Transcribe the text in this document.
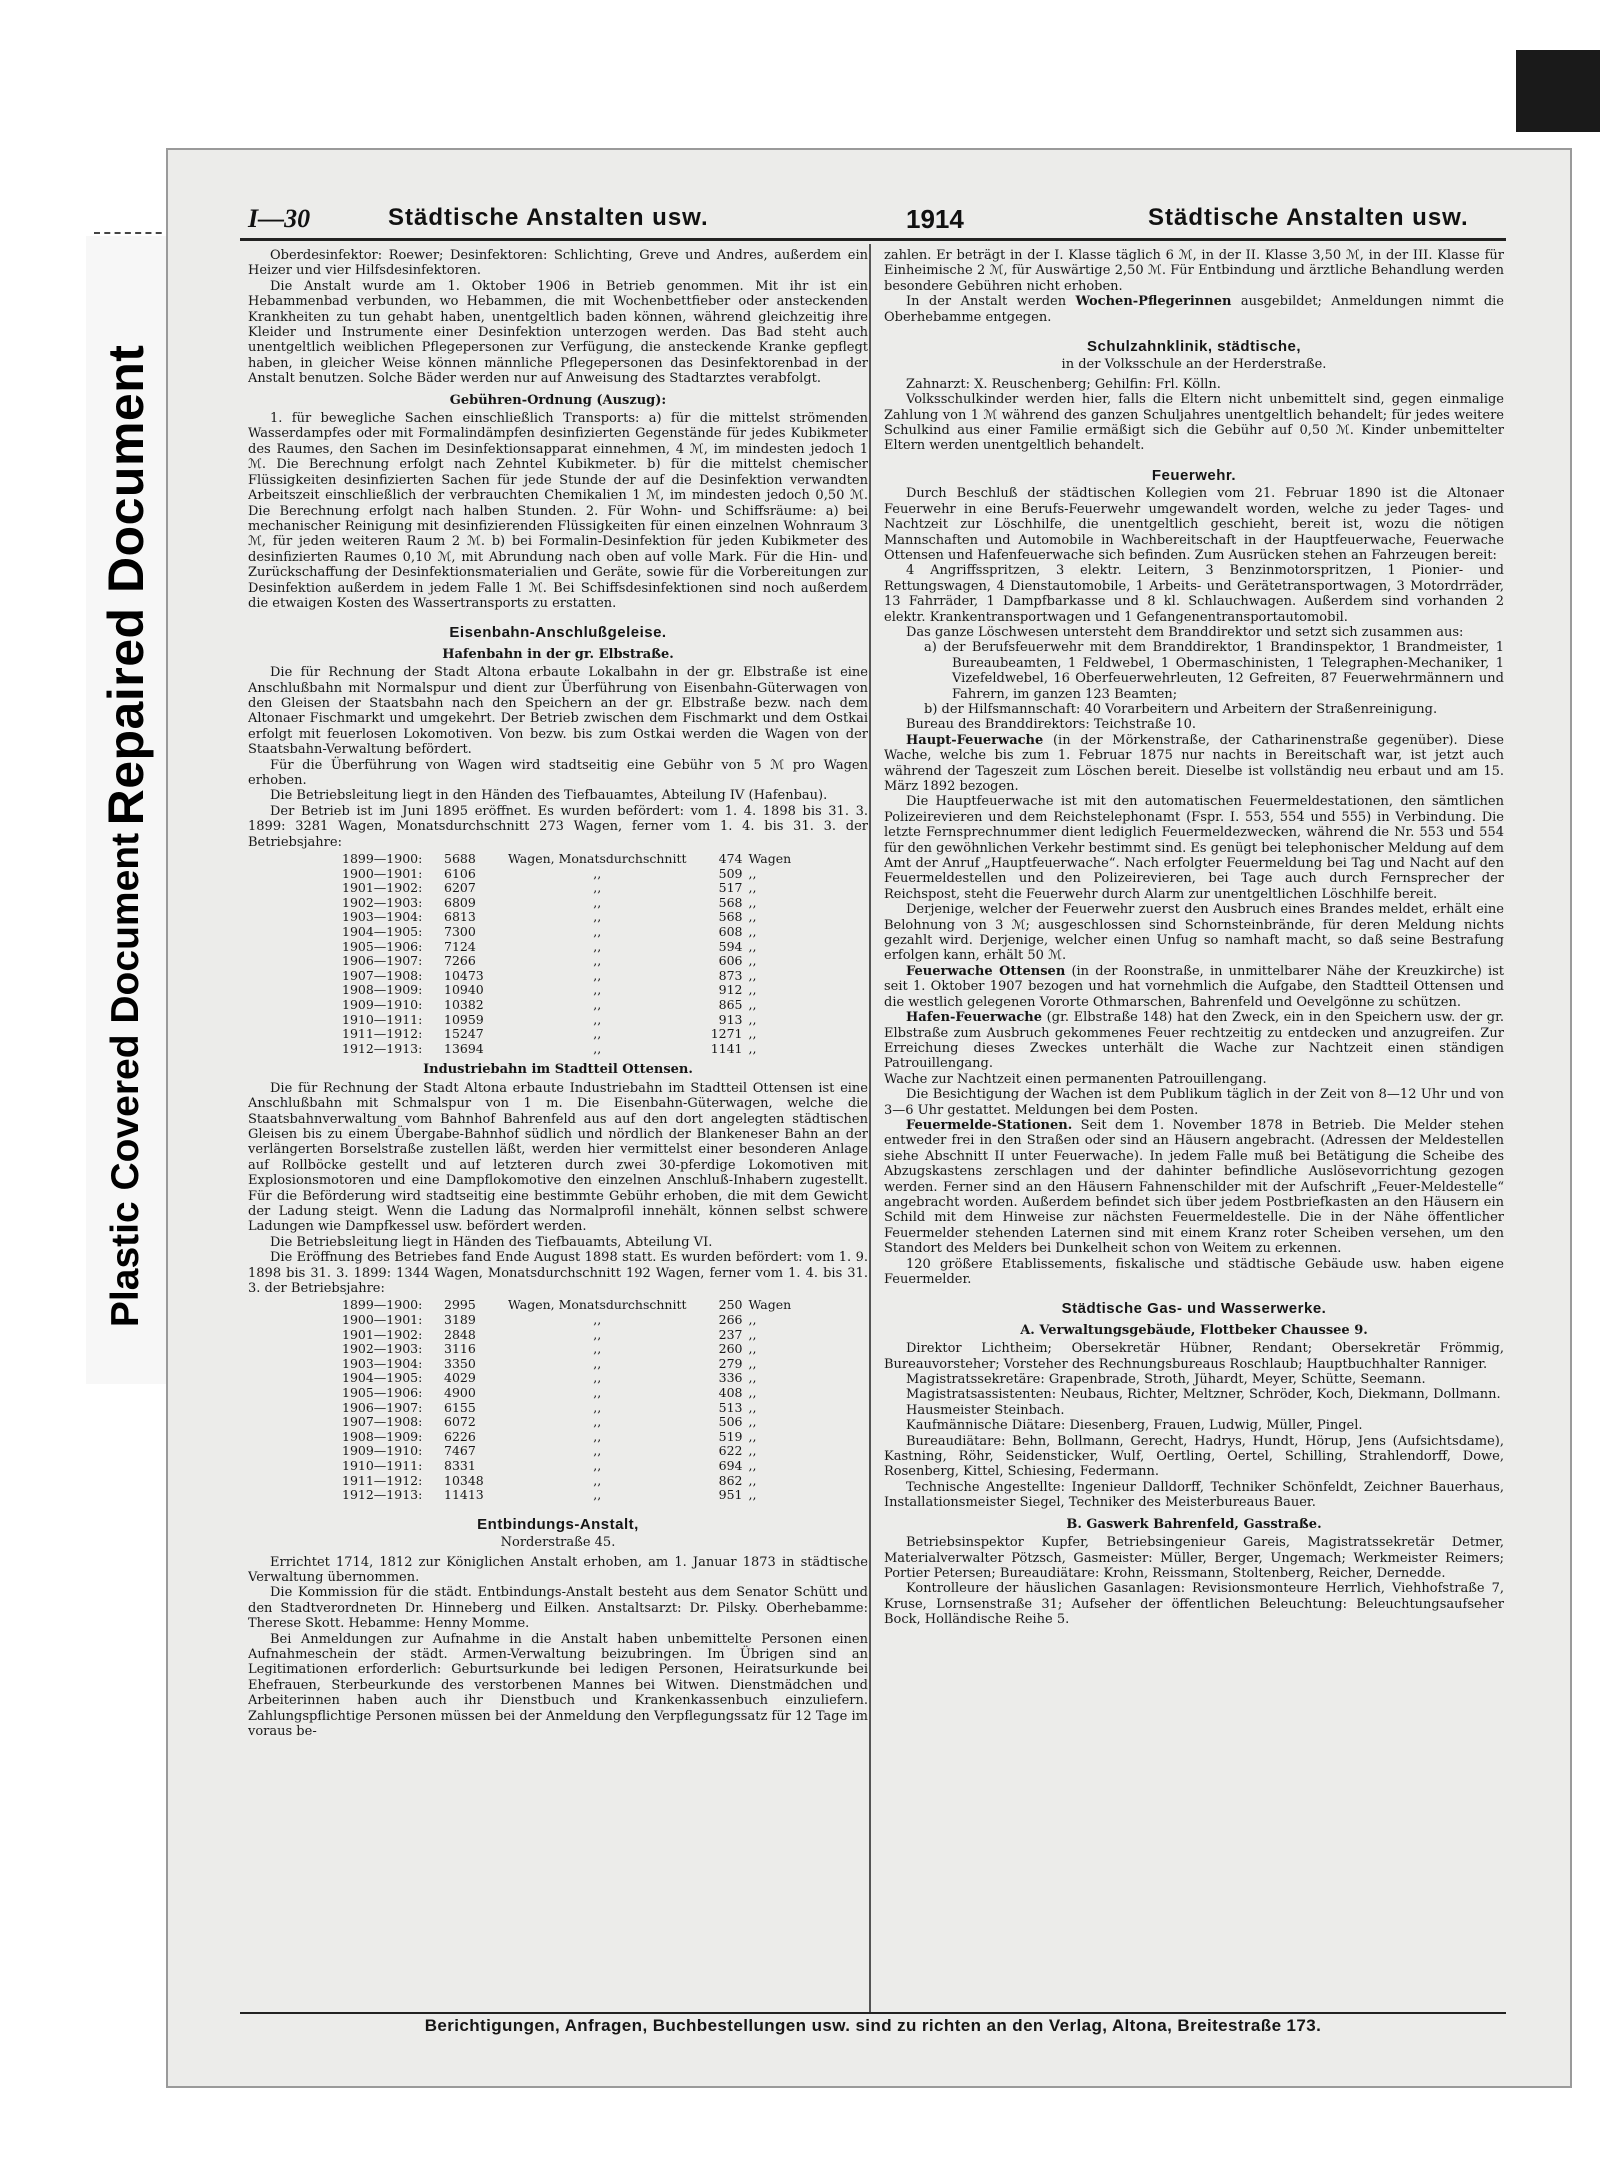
Repaired Document
Plastic Covered Document
I—30	Städtische Anstalten usw.	1914	Städtische Anstalten usw.

Oberdesinfektor: Roewer; Desinfektoren: Schlichting, Greve und Andres, außerdem ein Heizer und vier Hilfsdesinfektoren.

Die Anstalt wurde am 1. Oktober 1906 in Betrieb genommen. Mit ihr ist ein Hebammenbad verbunden, wo Hebammen, die mit Wochenbettfieber oder ansteckenden Krankheiten zu tun gehabt haben, unentgeltlich baden können, während gleichzeitig ihre Kleider und Instrumente einer Desinfektion unterzogen werden. Das Bad steht auch unentgeltlich weiblichen Pflegepersonen zur Verfügung, die ansteckende Kranke gepflegt haben, in gleicher Weise können männliche Pflegepersonen das Desinfektorenbad in der Anstalt benutzen. Solche Bäder werden nur auf Anweisung des Stadtarztes verabfolgt.

Gebühren-Ordnung (Auszug):

1. für bewegliche Sachen einschließlich Transports: a) für die mittelst strömenden Wasserdampfes oder mit Formalindämpfen desinfizierten Gegenstände für jedes Kubikmeter des Raumes, den Sachen im Desinfektionsapparat einnehmen, 4 ℳ, im mindesten jedoch 1 ℳ. Die Berechnung erfolgt nach Zehntel Kubikmeter. b) für die mittelst chemischer Flüssigkeiten desinfizierten Sachen für jede Stunde der auf die Desinfektion verwandten Arbeitszeit einschließlich der verbrauchten Chemikalien 1 ℳ, im mindesten jedoch 0,50 ℳ. Die Berechnung erfolgt nach halben Stunden. 2. Für Wohn- und Schiffsräume: a) bei mechanischer Reinigung mit desinfizierenden Flüssigkeiten für einen einzelnen Wohnraum 3 ℳ, für jeden weiteren Raum 2 ℳ. b) bei Formalin-Desinfektion für jeden Kubikmeter des desinfizierten Raumes 0,10 ℳ, mit Abrundung nach oben auf volle Mark. Für die Hin- und Zurückschaffung der Desinfektionsmaterialien und Geräte, sowie für die Vorbereitungen zur Desinfektion außerdem in jedem Falle 1 ℳ. Bei Schiffsdesinfektionen sind noch außerdem die etwaigen Kosten des Wassertransports zu erstatten.

Eisenbahn-Anschlußgeleise.
Hafenbahn in der gr. Elbstraße.

Die für Rechnung der Stadt Altona erbaute Lokalbahn in der gr. Elbstraße ist eine Anschlußbahn mit Normalspur und dient zur Überführung von Eisenbahn-Güterwagen von den Gleisen der Staatsbahn nach den Speichern an der gr. Elbstraße bezw. nach dem Altonaer Fischmarkt und umgekehrt. Der Betrieb zwischen dem Fischmarkt und dem Ostkai erfolgt mit feuerlosen Lokomotiven. Von bezw. bis zum Ostkai werden die Wagen von der Staatsbahn-Verwaltung befördert.

Für die Überführung von Wagen wird stadtseitig eine Gebühr von 5 ℳ pro Wagen erhoben.

Die Betriebsleitung liegt in den Händen des Tiefbauamtes, Abteilung IV (Hafenbau).

Der Betrieb ist im Juni 1895 eröffnet. Es wurden befördert: vom 1. 4. 1898 bis 31. 3. 1899: 3281 Wagen, Monatsdurchschnitt 273 Wagen, ferner vom 1. 4. bis 31. 3. der Betriebsjahre:

1899—1900:	5688	Wagen, Monatsdurchschnitt	474	Wagen
1900—1901:	6106	,,	509	,,
1901—1902:	6207	,,	517	,,
1902—1903:	6809	,,	568	,,
1903—1904:	6813	,,	568	,,
1904—1905:	7300	,,	608	,,
1905—1906:	7124	,,	594	,,
1906—1907:	7266	,,	606	,,
1907—1908:	10473	,,	873	,,
1908—1909:	10940	,,	912	,,
1909—1910:	10382	,,	865	,,
1910—1911:	10959	,,	913	,,
1911—1912:	15247	,,	1271	,,
1912—1913:	13694	,,	1141	,,
Industriebahn im Stadtteil Ottensen.

Die für Rechnung der Stadt Altona erbaute Industriebahn im Stadtteil Ottensen ist eine Anschlußbahn mit Schmalspur von 1 m. Die Eisenbahn-Güterwagen, welche die Staatsbahnverwaltung vom Bahnhof Bahrenfeld aus auf den dort angelegten städtischen Gleisen bis zu einem Übergabe-Bahnhof südlich und nördlich der Blankeneser Bahn an der verlängerten Borselstraße zustellen läßt, werden hier vermittelst einer besonderen Anlage auf Rollböcke gestellt und auf letzteren durch zwei 30-pferdige Lokomotiven mit Explosionsmotoren und eine Dampflokomotive den einzelnen Anschluß-Inhabern zugestellt. Für die Beförderung wird stadtseitig eine bestimmte Gebühr erhoben, die mit dem Gewicht der Ladung steigt. Wenn die Ladung das Normalprofil innehält, können selbst schwere Ladungen wie Dampfkessel usw. befördert werden.

Die Betriebsleitung liegt in Händen des Tiefbauamts, Abteilung VI.

Die Eröffnung des Betriebes fand Ende August 1898 statt. Es wurden befördert: vom 1. 9. 1898 bis 31. 3. 1899: 1344 Wagen, Monatsdurchschnitt 192 Wagen, ferner vom 1. 4. bis 31. 3. der Betriebsjahre:

1899—1900:	2995	Wagen, Monatsdurchschnitt	250	Wagen
1900—1901:	3189	,,	266	,,
1901—1902:	2848	,,	237	,,
1902—1903:	3116	,,	260	,,
1903—1904:	3350	,,	279	,,
1904—1905:	4029	,,	336	,,
1905—1906:	4900	,,	408	,,
1906—1907:	6155	,,	513	,,
1907—1908:	6072	,,	506	,,
1908—1909:	6226	,,	519	,,
1909—1910:	7467	,,	622	,,
1910—1911:	8331	,,	694	,,
1911—1912:	10348	,,	862	,,
1912—1913:	11413	,,	951	,,
Entbindungs-Anstalt,
Norderstraße 45.

Errichtet 1714, 1812 zur Königlichen Anstalt erhoben, am 1. Januar 1873 in städtische Verwaltung übernommen.

Die Kommission für die städt. Entbindungs-Anstalt besteht aus dem Senator Schütt und den Stadtverordneten Dr. Hinneberg und Eilken. Anstaltsarzt: Dr. Pilsky. Oberhebamme: Therese Skott. Hebamme: Henny Momme.

Bei Anmeldungen zur Aufnahme in die Anstalt haben unbemittelte Personen einen Aufnahmeschein der städt. Armen-Verwaltung beizubringen. Im Übrigen sind an Legitimationen erforderlich: Geburtsurkunde bei ledigen Personen, Heiratsurkunde bei Ehefrauen, Sterbeurkunde des verstorbenen Mannes bei Witwen. Dienstmädchen und Arbeiterinnen haben auch ihr Dienstbuch und Krankenkassenbuch einzuliefern. Zahlungspflichtige Personen müssen bei der Anmeldung den Verpflegungssatz für 12 Tage im voraus be-

zahlen. Er beträgt in der I. Klasse täglich 6 ℳ, in der II. Klasse 3,50 ℳ, in der III. Klasse für Einheimische 2 ℳ, für Auswärtige 2,50 ℳ. Für Entbindung und ärztliche Behandlung werden besondere Gebühren nicht erhoben.

In der Anstalt werden Wochen-Pflegerinnen ausgebildet; Anmeldungen nimmt die Oberhebamme entgegen.

Schulzahnklinik, städtische,
in der Volksschule an der Herderstraße.

Zahnarzt: X. Reuschenberg; Gehilfin: Frl. Kölln.

Volksschulkinder werden hier, falls die Eltern nicht unbemittelt sind, gegen einmalige Zahlung von 1 ℳ während des ganzen Schuljahres unentgeltlich behandelt; für jedes weitere Schulkind aus einer Familie ermäßigt sich die Gebühr auf 0,50 ℳ. Kinder unbemittelter Eltern werden unentgeltlich behandelt.

Feuerwehr.

Durch Beschluß der städtischen Kollegien vom 21. Februar 1890 ist die Altonaer Feuerwehr in eine Berufs-Feuerwehr umgewandelt worden, welche zu jeder Tages- und Nachtzeit zur Löschhilfe, die unentgeltlich geschieht, bereit ist, wozu die nötigen Mannschaften und Automobile in Wachbereitschaft in der Hauptfeuerwache, Feuerwache Ottensen und Hafenfeuerwache sich befinden. Zum Ausrücken stehen an Fahrzeugen bereit:

4 Angriffsspritzen, 3 elektr. Leitern, 3 Benzinmotorspritzen, 1 Pionier- und Rettungswagen, 4 Dienstautomobile, 1 Arbeits- und Gerätetransportwagen, 3 Motordrräder, 13 Fahrräder, 1 Dampfbarkasse und 8 kl. Schlauchwagen. Außerdem sind vorhanden 2 elektr. Krankentransportwagen und 1 Gefangenentransportautomobil.

Das ganze Löschwesen untersteht dem Branddirektor und setzt sich zusammen aus:

a) der Berufsfeuerwehr mit dem Branddirektor, 1 Brandinspektor, 1 Brandmeister, 1 Bureaubeamten, 1 Feldwebel, 1 Obermaschinisten, 1 Telegraphen-Mechaniker, 1 Vizefeldwebel, 16 Oberfeuerwehrleuten, 12 Gefreiten, 87 Feuerwehrmännern und Fahrern, im ganzen 123 Beamten;

b) der Hilfsmannschaft: 40 Vorarbeitern und Arbeitern der Straßenreinigung.

Bureau des Branddirektors: Teichstraße 10.

Haupt-Feuerwache (in der Mörkenstraße, der Catharinenstraße gegenüber). Diese Wache, welche bis zum 1. Februar 1875 nur nachts in Bereitschaft war, ist jetzt auch während der Tageszeit zum Löschen bereit. Dieselbe ist vollständig neu erbaut und am 15. März 1892 bezogen.

Die Hauptfeuerwache ist mit den automatischen Feuermeldestationen, den sämtlichen Polizeirevieren und dem Reichstelephonamt (Fspr. I. 553, 554 und 555) in Verbindung. Die letzte Fernsprechnummer dient lediglich Feuermeldezwecken, während die Nr. 553 und 554 für den gewöhnlichen Verkehr bestimmt sind. Es genügt bei telephonischer Meldung auf dem Amt der Anruf „Hauptfeuerwache“. Nach erfolgter Feuermeldung bei Tag und Nacht auf den Feuermeldestellen und den Polizeirevieren, bei Tage auch durch Fernsprecher der Reichspost, steht die Feuerwehr durch Alarm zur unentgeltlichen Löschhilfe bereit.

Derjenige, welcher der Feuerwehr zuerst den Ausbruch eines Brandes meldet, erhält eine Belohnung von 3 ℳ; ausgeschlossen sind Schornsteinbrände, für deren Meldung nichts gezahlt wird. Derjenige, welcher einen Unfug so namhaft macht, so daß seine Bestrafung erfolgen kann, erhält 50 ℳ.

Feuerwache Ottensen (in der Roonstraße, in unmittelbarer Nähe der Kreuzkirche) ist seit 1. Oktober 1907 bezogen und hat vornehmlich die Aufgabe, den Stadtteil Ottensen und die westlich gelegenen Vororte Othmarschen, Bahrenfeld und Oevelgönne zu schützen.

Hafen-Feuerwache (gr. Elbstraße 148) hat den Zweck, ein in den Speichern usw. der gr. Elbstraße zum Ausbruch gekommenes Feuer rechtzeitig zu entdecken und anzugreifen. Zur Erreichung dieses Zweckes unterhält die Wache zur Nachtzeit einen ständigen Patrouillengang.

Wache zur Nachtzeit einen permanenten Patrouillengang.

Die Besichtigung der Wachen ist dem Publikum täglich in der Zeit von 8—12 Uhr und von 3—6 Uhr gestattet. Meldungen bei dem Posten.

Feuermelde-Stationen. Seit dem 1. November 1878 in Betrieb. Die Melder stehen entweder frei in den Straßen oder sind an Häusern angebracht. (Adressen der Meldestellen siehe Abschnitt II unter Feuerwache). In jedem Falle muß bei Betätigung die Scheibe des Abzugskastens zerschlagen und der dahinter befindliche Auslösevorrichtung gezogen werden. Ferner sind an den Häusern Fahnenschilder mit der Aufschrift „Feuer-Meldestelle“ angebracht worden. Außerdem befindet sich über jedem Postbriefkasten an den Häusern ein Schild mit dem Hinweise zur nächsten Feuermeldestelle. Die in der Nähe öffentlicher Feuermelder stehenden Laternen sind mit einem Kranz roter Scheiben versehen, um den Standort des Melders bei Dunkelheit schon von Weitem zu erkennen.

120 größere Etablissements, fiskalische und städtische Gebäude usw. haben eigene Feuermelder.

Städtische Gas- und Wasserwerke.
A. Verwaltungsgebäude, Flottbeker Chaussee 9.

Direktor Lichtheim; Obersekretär Hübner, Rendant; Obersekretär Frömmig, Bureauvorsteher; Vorsteher des Rechnungsbureaus Roschlaub; Hauptbuchhalter Ranniger.

Magistratssekretäre: Grapenbrade, Stroth, Jühardt, Meyer, Schütte, Seemann.

Magistratsassistenten: Neubaus, Richter, Meltzner, Schröder, Koch, Diekmann, Dollmann.

Hausmeister Steinbach.

Kaufmännische Diätare: Diesenberg, Frauen, Ludwig, Müller, Pingel.

Bureaudiätare: Behn, Bollmann, Gerecht, Hadrys, Hundt, Hörup, Jens (Aufsichtsdame), Kastning, Röhr, Seidensticker, Wulf, Oertling, Oertel, Schilling, Strahlendorff, Dowe, Rosenberg, Kittel, Schiesing, Federmann.

Technische Angestellte: Ingenieur Dalldorff, Techniker Schönfeldt, Zeichner Bauerhaus, Installationsmeister Siegel, Techniker des Meisterbureaus Bauer.

B. Gaswerk Bahrenfeld, Gasstraße.

Betriebsinspektor Kupfer, Betriebsingenieur Gareis, Magistratssekretär Detmer, Materialverwalter Pötzsch, Gasmeister: Müller, Berger, Ungemach; Werkmeister Reimers; Portier Petersen; Bureaudiätare: Krohn, Reissmann, Stoltenberg, Reicher, Dernedde.

Kontrolleure der häuslichen Gasanlagen: Revisionsmonteure Herrlich, Viehhofstraße 7, Kruse, Lornsenstraße 31; Aufseher der öffentlichen Beleuchtung: Beleuchtungsaufseher Bock, Holländische Reihe 5.

Berichtigungen, Anfragen, Buchbestellungen usw. sind zu richten an den Verlag, Altona, Breitestraße 173.
